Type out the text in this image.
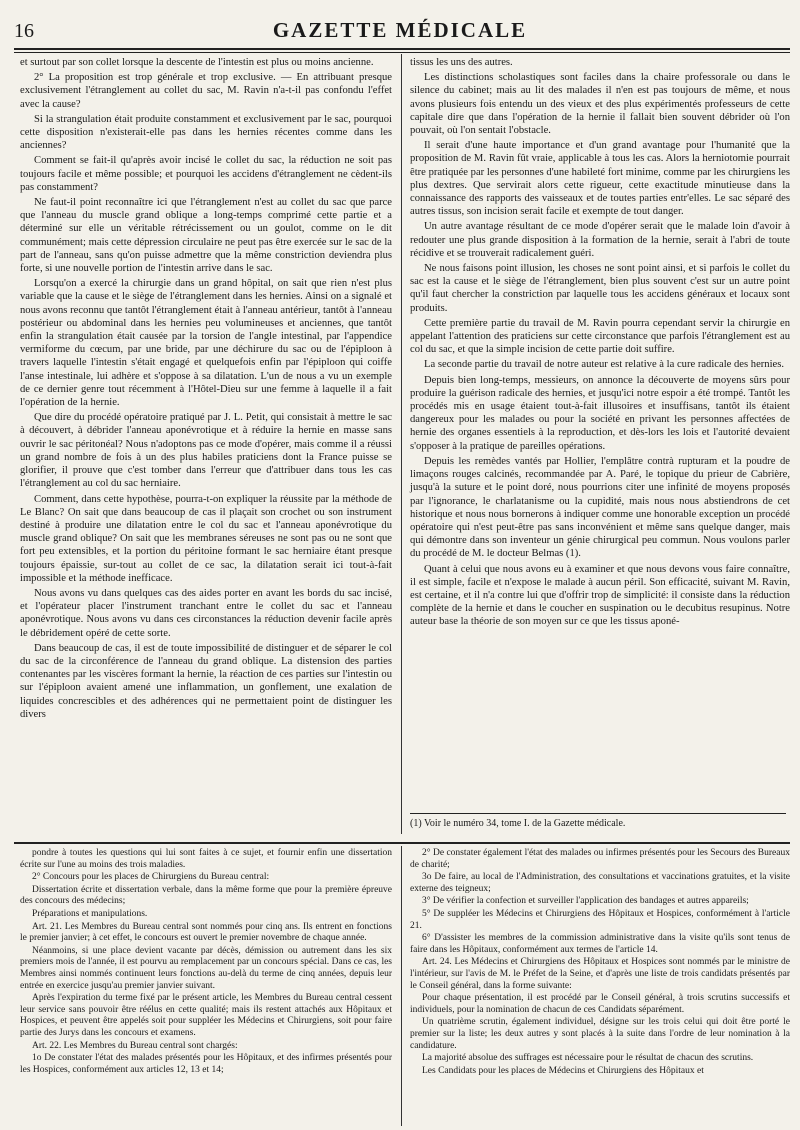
16	GAZETTE MÉDICALE

et surtout par son collet lorsque la descente de l'intestin est plus ou moins ancienne.

2° La proposition est trop générale et trop exclusive. — En attribuant presque exclusivement l'étranglement au collet du sac, M. Ravin n'a-t-il pas confondu l'effet avec la cause?

Si la strangulation était produite constamment et exclusivement par le sac, pourquoi cette disposition n'existerait-elle pas dans les hernies récentes comme dans les anciennes?

Comment se fait-il qu'après avoir incisé le collet du sac, la réduction ne soit pas toujours facile et même possible; et pourquoi les accidens d'étranglement ne cèdent-ils pas constamment?

Ne faut-il point reconnaître ici que l'étranglement n'est au collet du sac que parce que l'anneau du muscle grand oblique a long-temps comprimé cette partie et a déterminé sur elle un véritable rétrécissement ou un goulot, comme on le dit communément; mais cette dépression circulaire ne peut pas être exercée sur le sac de la part de l'anneau, sans qu'on puisse admettre que la même constriction deviendra plus forte, si une nouvelle portion de l'intestin arrive dans le sac.

Lorsqu'on a exercé la chirurgie dans un grand hôpital, on sait que rien n'est plus variable que la cause et le siège de l'étranglement dans les hernies. Ainsi on a signalé et nous avons reconnu que tantôt l'étranglement était à l'anneau antérieur, tantôt à l'anneau postérieur ou abdominal dans les hernies peu volumineuses et anciennes, que tantôt enfin la strangulation était causée par la torsion de l'angle intestinal, par l'appendice vermiforme du cœcum, par une bride, par une déchirure du sac ou de l'épiploon à travers laquelle l'intestin s'était engagé et quelquefois enfin par l'épiploon qui coiffe l'anse intestinale, lui adhère et s'oppose à sa dilatation. L'un de nous a vu un exemple de ce dernier genre tout récemment à l'Hôtel-Dieu sur une femme à laquelle il a fait l'opération de la hernie.

Que dire du procédé opératoire pratiqué par J. L. Petit, qui consistait à mettre le sac à découvert, à débrider l'anneau aponévrotique et à réduire la hernie en masse sans ouvrir le sac péritonéal? Nous n'adoptons pas ce mode d'opérer, mais comme il a réussi un grand nombre de fois à un des plus habiles praticiens dont la France puisse se glorifier, il prouve que c'est tomber dans l'erreur que d'attribuer dans tous les cas l'étranglement au col du sac herniaire.

Comment, dans cette hypothèse, pourra-t-on expliquer la réussite par la méthode de Le Blanc? On sait que dans beaucoup de cas il plaçait son crochet ou son instrument destiné à produire une dilatation entre le col du sac et l'anneau aponévrotique du muscle grand oblique? On sait que les membranes séreuses ne sont pas ou ne sont que fort peu extensibles, et la portion du péritoine formant le sac herniaire étant presque toujours épaissie, sur-tout au collet de ce sac, la dilatation serait ici tout-à-fait impossible et la méthode inefficace.

Nous avons vu dans quelques cas des aides porter en avant les bords du sac incisé, et l'opérateur placer l'instrument tranchant entre le collet du sac et l'anneau aponévrotique. Nous avons vu dans ces circonstances la réduction devenir facile après le débridement opéré de cette sorte.

Dans beaucoup de cas, il est de toute impossibilité de distinguer et de séparer le col du sac de la circonférence de l'anneau du grand oblique. La distension des parties contenantes par les viscères formant la hernie, la réaction de ces parties sur l'intestin ou sur l'épiploon avaient amené une inflammation, un gonflement, une exalation de liquides concrescibles et des adhérences qui ne permettaient point de distinguer les divers

tissus les uns des autres.

Les distinctions scholastiques sont faciles dans la chaire professorale ou dans le silence du cabinet; mais au lit des malades il n'en est pas toujours de même, et nous avons plusieurs fois entendu un des vieux et des plus expérimentés professeurs de cette capitale dire que dans l'opération de la hernie il fallait bien souvent débrider où l'on pouvait, où l'on sentait l'obstacle.

Il serait d'une haute importance et d'un grand avantage pour l'humanité que la proposition de M. Ravin fût vraie, applicable à tous les cas. Alors la herniotomie pourrait être pratiquée par les personnes d'une habileté fort minime, comme par les chirurgiens les plus dextres. Que servirait alors cette rigueur, cette exactitude minutieuse dans la connaissance des rapports des vaisseaux et de toutes parties entr'elles. Le sac séparé des autres tissus, son incision serait facile et exempte de tout danger.

Un autre avantage résultant de ce mode d'opérer serait que le malade loin d'avoir à redouter une plus grande disposition à la formation de la hernie, serait à l'abri de toute récidive et se trouverait radicalement guéri.

Ne nous faisons point illusion, les choses ne sont point ainsi, et si parfois le collet du sac est la cause et le siège de l'étranglement, bien plus souvent c'est sur un autre point qu'il faut chercher la constriction par laquelle tous les accidens généraux et locaux sont produits.

Cette première partie du travail de M. Ravin pourra cependant servir la chirurgie en appelant l'attention des praticiens sur cette circonstance que parfois l'étranglement est au col du sac, et que la simple incision de cette partie doit suffire.

La seconde partie du travail de notre auteur est relative à la cure radicale des hernies.

Depuis bien long-temps, messieurs, on annonce la découverte de moyens sûrs pour produire la guérison radicale des hernies, et jusqu'ici notre espoir a été trompé. Tantôt les procédés mis en usage étaient tout-à-fait illusoires et insuffisans, tantôt ils étaient dangereux pour les malades ou pour la société en privant les personnes affectées de hernie des organes essentiels à la reproduction, et dès-lors les lois et l'autorité devaient s'opposer à la pratique de pareilles opérations.

Depuis les remèdes vantés par Hollier, l'emplâtre contrà rupturam et la poudre de limaçons rouges calcinés, recommandée par A. Paré, le topique du prieur de Cabrière, jusqu'à la suture et le point doré, nous pourrions citer une infinité de moyens proposés par l'ignorance, le charlatanisme ou la cupidité, mais nous nous abstiendrons de cet historique et nous nous bornerons à indiquer comme une honorable exception un procédé opératoire qui n'est peut-être pas sans inconvénient et même sans quelque danger, mais qui démontre dans son inventeur un génie chirurgical peu commun. Nous voulons parler du procédé de M. le docteur Belmas (1).

Quant à celui que nous avons eu à examiner et que nous devons vous faire connaître, il est simple, facile et n'expose le malade à aucun péril. Son efficacité, suivant M. Ravin, est certaine, et il n'a contre lui que d'offrir trop de simplicité: il consiste dans la réduction complète de la hernie et dans le coucher en suspination ou le decubitus resupinus. Notre auteur base la théorie de son moyen sur ce que les tissus aponé-

(1) Voir le numéro 34, tome I. de la Gazette médicale.

pondre à toutes les questions qui lui sont faites à ce sujet, et fournir enfin une dissertation écrite sur l'une au moins des trois maladies.

2° Concours pour les places de Chirurgiens du Bureau central:

Dissertation écrite et dissertation verbale, dans la même forme que pour la première épreuve des concours des médecins;

Préparations et manipulations.

Art. 21. Les Membres du Bureau central sont nommés pour cinq ans. Ils entrent en fonctions le premier janvier; à cet effet, le concours est ouvert le premier novembre de chaque année.

Néanmoins, si une place devient vacante par décès, démission ou autrement dans les six premiers mois de l'année, il est pourvu au remplacement par un concours spécial. Dans ce cas, les Membres ainsi nommés continuent leurs fonctions au-delà du terme de cinq années, depuis leur entrée en exercice jusqu'au premier janvier suivant.

Après l'expiration du terme fixé par le présent article, les Membres du Bureau central cessent leur service sans pouvoir être réélus en cette qualité; mais ils restent attachés aux Hôpitaux et Hospices, et peuvent être appelés soit pour suppléer les Médecins et Chirurgiens, soit pour faire partie des Jurys dans les concours et examens.

Art. 22. Les Membres du Bureau central sont chargés:

1o De constater l'état des malades présentés pour les Hôpitaux, et des infirmes présentés pour les Hospices, conformément aux articles 12, 13 et 14;

2° De constater également l'état des malades ou infirmes présentés pour les Secours des Bureaux de charité;

3o De faire, au local de l'Administration, des consultations et vaccinations gratuites, et la visite externe des teigneux;

3° De vérifier la confection et surveiller l'application des bandages et autres appareils;

5° De suppléer les Médecins et Chirurgiens des Hôpitaux et Hospices, conformément à l'article 21.

6° D'assister les membres de la commission administrative dans la visite qu'ils sont tenus de faire dans les Hôpitaux, conformément aux termes de l'article 14.

Art. 24. Les Médecins et Chirurgiens des Hôpitaux et Hospices sont nommés par le ministre de l'intérieur, sur l'avis de M. le Préfet de la Seine, et d'après une liste de trois candidats présentés par le Conseil général, dans la forme suivante:

Pour chaque présentation, il est procédé par le Conseil général, à trois scrutins successifs et individuels, pour la nomination de chacun de ces Candidats séparément.

Un quatrième scrutin, également individuel, désigne sur les trois celui qui doit être porté le premier sur la liste; les deux autres y sont placés à la suite dans l'ordre de leur nomination à la candidature.

La majorité absolue des suffrages est nécessaire pour le résultat de chacun des scrutins.

Les Candidats pour les places de Médecins et Chirurgiens des Hôpitaux et
